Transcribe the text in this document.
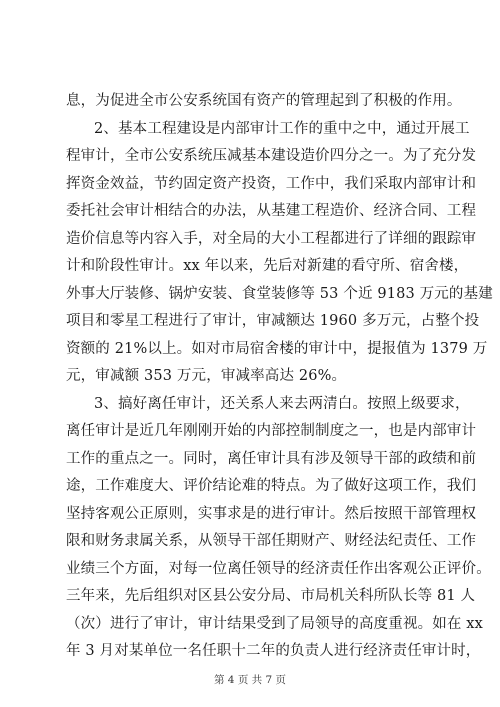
息，为促进全市公安系统国有资产的管理起到了积极的作用。
2、基本工程建设是内部审计工作的重中之中，通过开展工
程审计，全市公安系统压减基本建设造价四分之一。为了充分发
挥资金效益，节约固定资产投资，工作中，我们采取内部审计和
委托社会审计相结合的办法，从基建工程造价、经济合同、工程
造价信息等内容入手，对全局的大小工程都进行了详细的跟踪审
计和阶段性审计。xx 年以来，先后对新建的看守所、宿舍楼，
外事大厅装修、锅炉安装、食堂装修等 53 个近 9183 万元的基建
项目和零星工程进行了审计，审减额达 1960 多万元，占整个投
资额的 21%以上。如对市局宿舍楼的审计中，提报值为 1379 万
元，审减额 353 万元，审减率高达 26%。
3、搞好离任审计，还关系人来去两清白。按照上级要求，
离任审计是近几年刚刚开始的内部控制制度之一，也是内部审计
工作的重点之一。同时，离任审计具有涉及领导干部的政绩和前
途，工作难度大、评价结论难的特点。为了做好这项工作，我们
坚持客观公正原则，实事求是的进行审计。然后按照干部管理权
限和财务隶属关系，从领导干部任期财产、财经法纪责任、工作
业绩三个方面，对每一位离任领导的经济责任作出客观公正评价。
三年来，先后组织对区县公安分局、市局机关科所队长等 81 人
（次）进行了审计，审计结果受到了局领导的高度重视。如在 xx
年 3 月对某单位一名任职十二年的负责人进行经济责任审计时，
第 4 页 共 7 页
